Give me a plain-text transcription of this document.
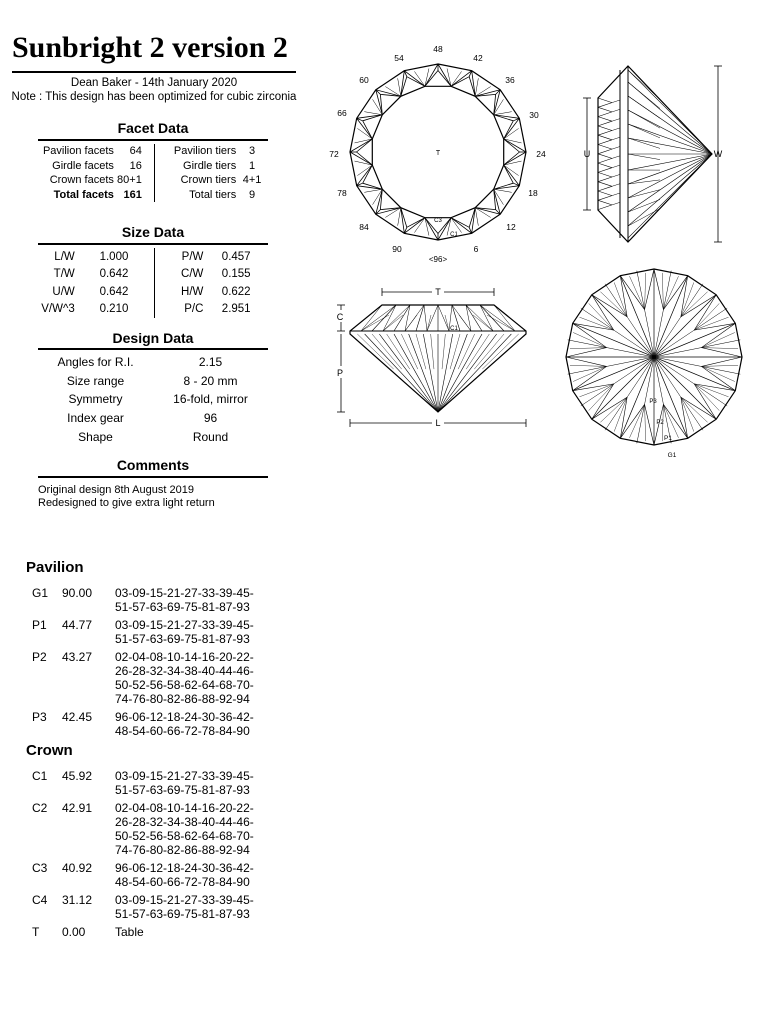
Sunbright 2 version 2
Dean Baker - 14th January 2020
Note : This design has been optimized for cubic zirconia
Facet Data
Pavilion facets	64		Pavilion tiers	3
Girdle facets	16		Girdle tiers	1
Crown facets	80+1		Crown tiers	4+1
Total facets	161		Total tiers	9
Size Data
L/W	1.000		P/W	0.457
T/W	0.642		C/W	0.155
U/W	0.642		H/W	0.622
V/W^3	0.210		P/C	2.951
Design Data
Angles for R.I.	2.15
Size range	8 - 20 mm
Symmetry	16-fold, mirror
Index gear	96
Shape	Round
Comments
Original design 8th August 2019
Redesigned to give extra light return
Pavilion
G1	90.00	03-09-15-21-27-33-39-45-
51-57-63-69-75-81-87-93

P1	44.77	03-09-15-21-27-33-39-45-
51-57-63-69-75-81-87-93

P2	43.27	02-04-08-10-14-16-20-22-
26-28-32-34-38-40-44-46-
50-52-56-58-62-64-68-70-
74-76-80-82-86-88-92-94

P3	42.45	96-06-12-18-24-30-36-42-
48-54-60-66-72-78-84-90
Crown
C1	45.92	03-09-15-21-27-33-39-45-
51-57-63-69-75-81-87-93

C2	42.91	02-04-08-10-14-16-20-22-
26-28-32-34-38-40-44-46-
50-52-56-58-62-64-68-70-
74-76-80-82-86-88-92-94

C3	40.92	96-06-12-18-24-30-36-42-
48-54-60-66-72-78-84-90

C4	31.12	03-09-15-21-27-33-39-45-
51-57-63-69-75-81-87-93

T	0.00	Table
T
48
42
36
30
24
18
12
6
90
84
78
72
66
60
54
<96>
C3
C1
U	W
C1
T
C
P
L
P3
P2
P1
G1
